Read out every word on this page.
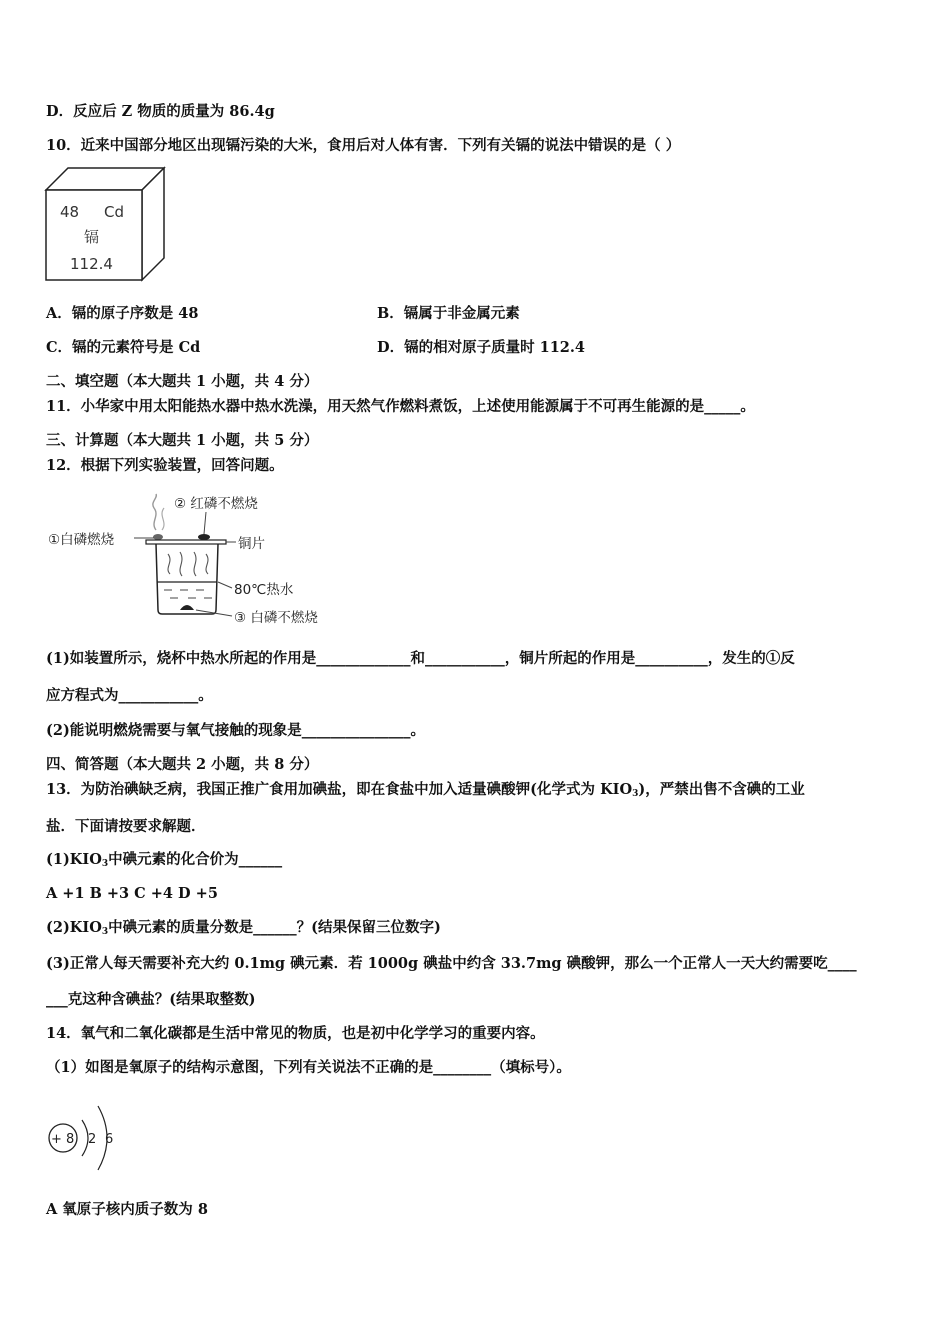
D．反应后 Z 物质的质量为 86.4g

10．近来中国部分地区出现镉污染的大米，食用后对人体有害．下列有关镉的说法中错误的是（ ）

48 Cd
镉
112.4

A．镉的原子序数是 48	B．镉属于非金属元素

C．镉的元素符号是 Cd	D．镉的相对原子质量时 112.4

二、填空题（本大题共 1 小题，共 4 分）

11．小华家中用太阳能热水器中热水洗澡，用天然气作燃料煮饭，上述使用能源属于不可再生能源的是_____。

三、计算题（本大题共 1 小题，共 5 分）

12．根据下列实验装置，回答问题。

①白磷燃烧
② 红磷不燃烧
铜片
80℃热水
③ 白磷不燃烧

(1)如装置所示，烧杯中热水所起的作用是_____________和___________，铜片所起的作用是__________，发生的①反

应方程式为___________。

(2)能说明燃烧需要与氧气接触的现象是_______________。

四、简答题（本大题共 2 小题，共 8 分）

13．为防治碘缺乏病，我国正推广食用加碘盐，即在食盐中加入适量碘酸钾(化学式为 $KIO_3$)，严禁出售不含碘的工业

盐．下面请按要求解题．

$(1)KIO_3$中碘元素的化合价为______

A +1 B +3 C +4 D +5

$(2)KIO_3$中碘元素的质量分数是______？(结果保留三位数字)

(3)正常人每天需要补充大约 0.1mg 碘元素．若 1000g 碘盐中约含 33.7mg 碘酸钾，那么一个正常人一天大约需要吃____

___克这种含碘盐？(结果取整数)

14．氧气和二氧化碳都是生活中常见的物质，也是初中化学学习的重要内容。

（1）如图是氧原子的结构示意图，下列有关说法不正确的是________（填标号）。

+ 8 2 6

A 氧原子核内质子数为 8
